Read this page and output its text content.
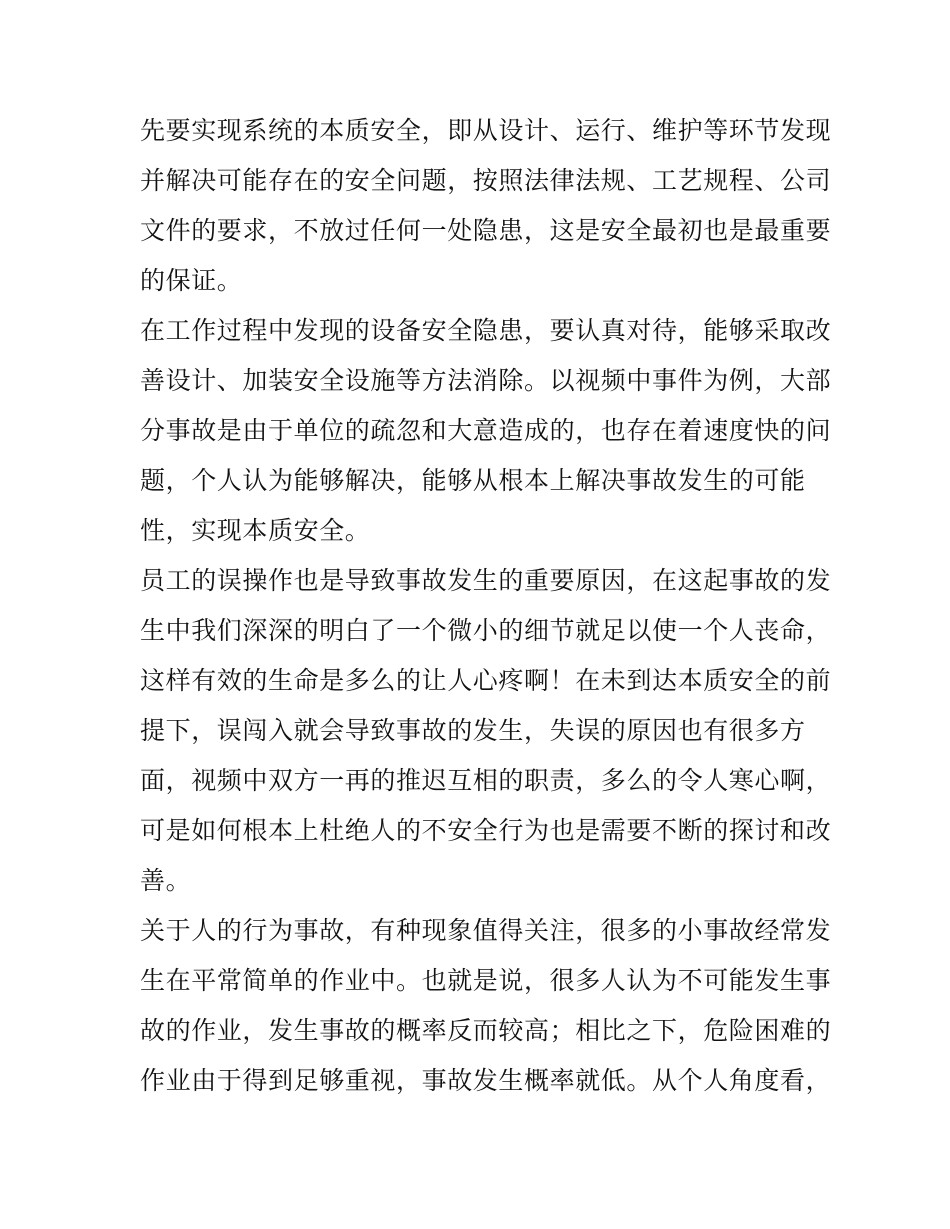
先要实现系统的本质安全，即从设计、运行、维护等环节发现
并解决可能存在的安全问题，按照法律法规、工艺规程、公司
文件的要求，不放过任何一处隐患，这是安全最初也是最重要
的保证。
在工作过程中发现的设备安全隐患，要认真对待，能够采取改
善设计、加装安全设施等方法消除。以视频中事件为例，大部
分事故是由于单位的疏忽和大意造成的，也存在着速度快的问
题，个人认为能够解决，能够从根本上解决事故发生的可能
性，实现本质安全。
员工的误操作也是导致事故发生的重要原因，在这起事故的发
生中我们深深的明白了一个微小的细节就足以使一个人丧命，
这样有效的生命是多么的让人心疼啊！在未到达本质安全的前
提下，误闯入就会导致事故的发生，失误的原因也有很多方
面，视频中双方一再的推迟互相的职责，多么的令人寒心啊，
可是如何根本上杜绝人的不安全行为也是需要不断的探讨和改
善。
关于人的行为事故，有种现象值得关注，很多的小事故经常发
生在平常简单的作业中。也就是说，很多人认为不可能发生事
故的作业，发生事故的概率反而较高；相比之下，危险困难的
作业由于得到足够重视，事故发生概率就低。从个人角度看，
